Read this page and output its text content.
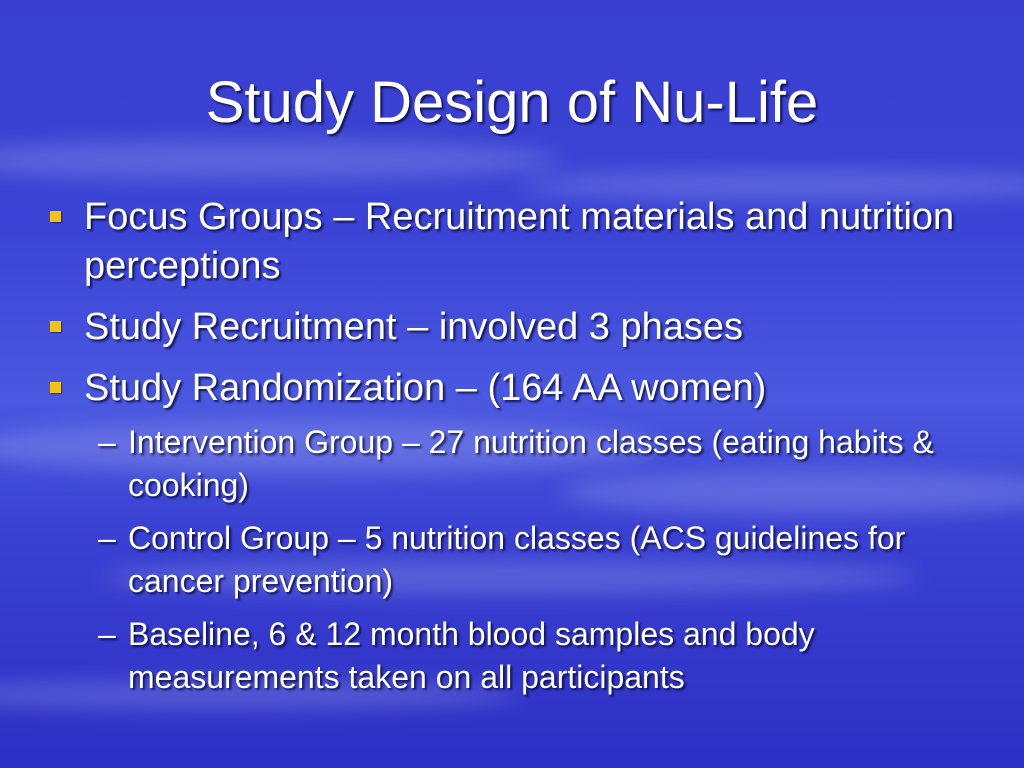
Study Design of Nu-Life
Focus Groups – Recruitment materials and nutrition perceptions
Study Recruitment – involved 3 phases
Study Randomization – (164 AA women)
– Intervention Group – 27 nutrition classes (eating habits & cooking)
– Control Group – 5 nutrition classes (ACS guidelines for cancer prevention)
– Baseline, 6 & 12 month blood samples and body measurements taken on all participants
